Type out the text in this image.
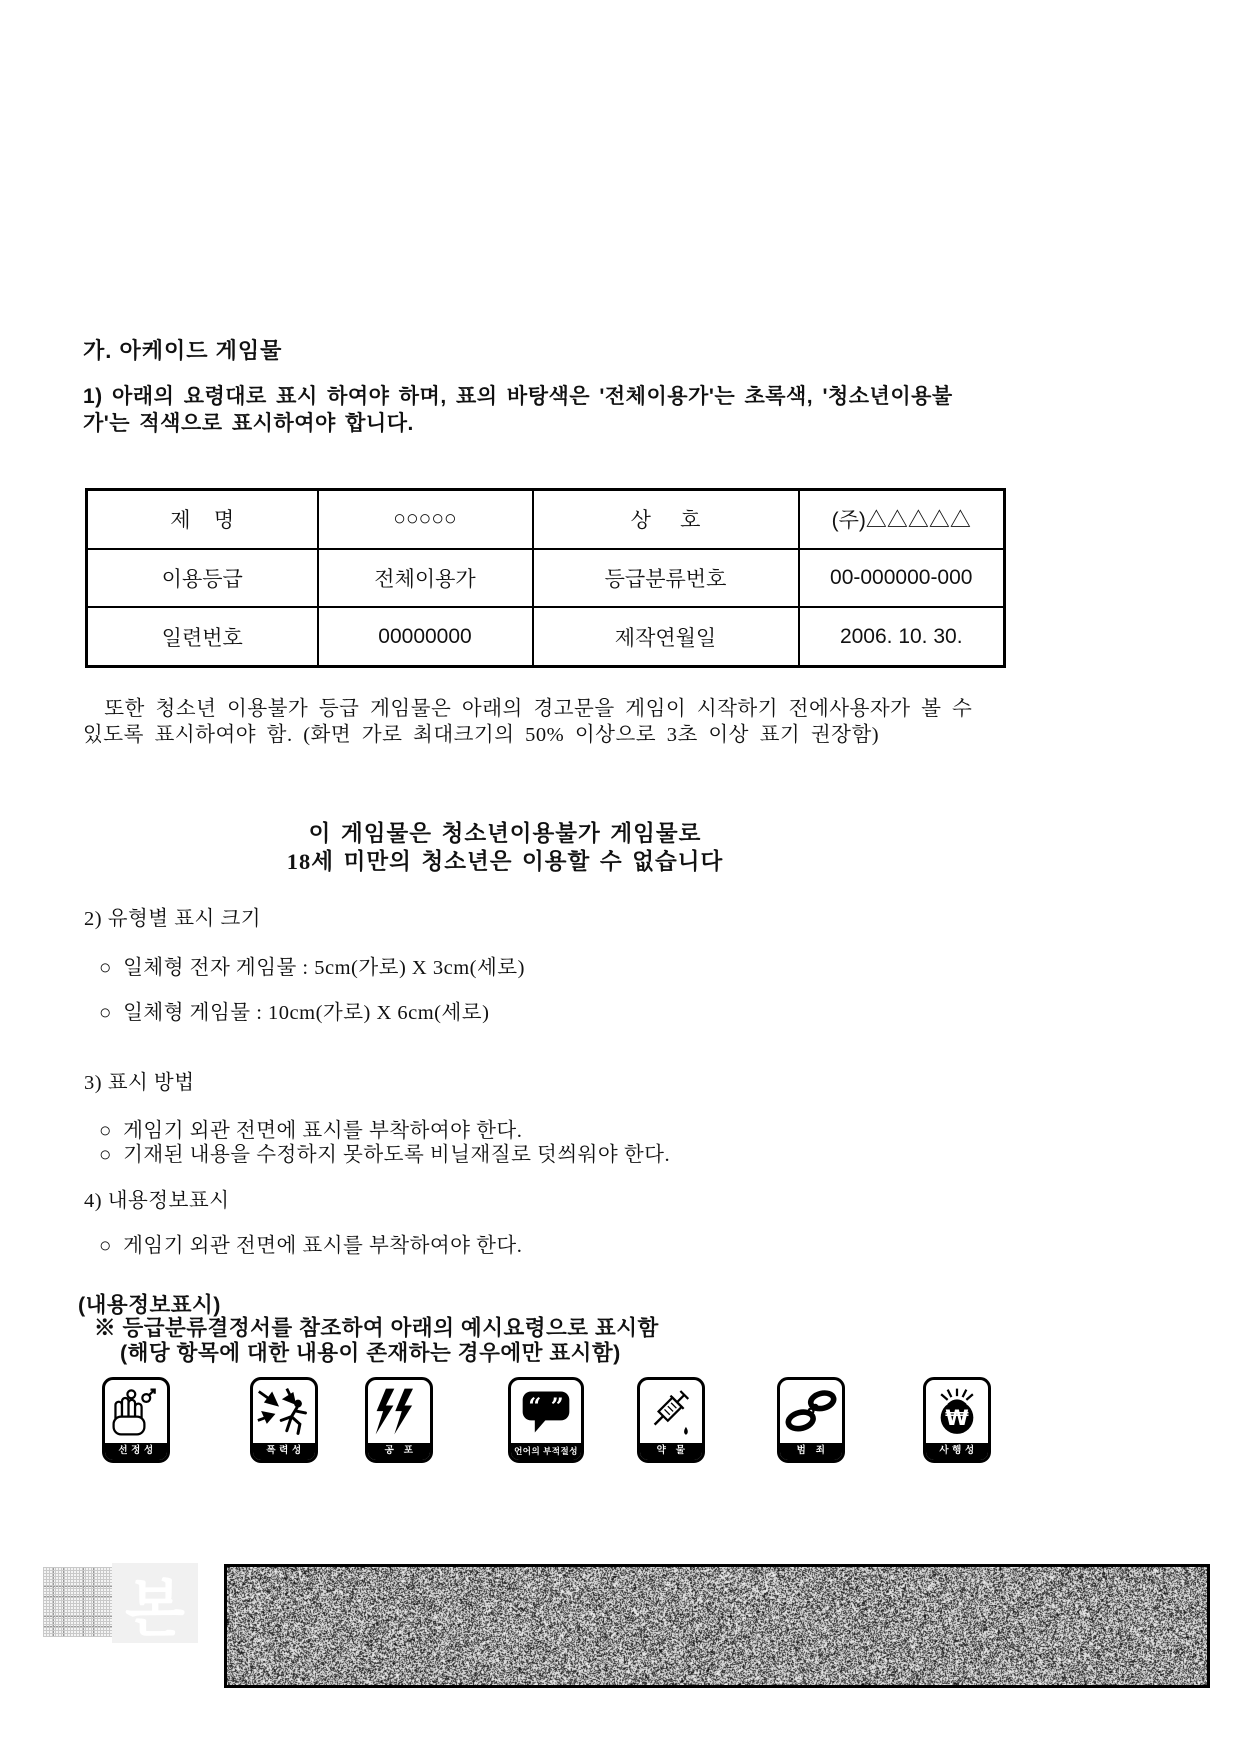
가. 아케이드 게임물
1) 아래의 요령대로 표시 하여야 하며, 표의 바탕색은 '전체이용가'는 초록색, '청소년이용불
가'는 적색으로 표시하여야 합니다.
제    명	○○○○○	상     호	(주)△△△△△
이용등급	전체이용가	등급분류번호	00-000000-000
일련번호	00000000	제작연월일	2006. 10. 30.
또한 청소년 이용불가 등급 게임물은 아래의 경고문을 게임이 시작하기 전에사용자가 볼 수
있도록 표시하여야 함. (화면 가로 최대크기의 50% 이상으로 3초 이상 표기 권장함)
이 게임물은 청소년이용불가 게임물로
18세 미만의 청소년은 이용할 수 없습니다
2) 유형별 표시 크기
○  일체형 전자 게임물 : 5cm(가로) X 3cm(세로)
○  일체형 게임물 : 10cm(가로) X 6cm(세로)
3) 표시 방법
○  게임기 외관 전면에 표시를 부착하여야 한다.
○  기재된 내용을 수정하지 못하도록 비닐재질로 덧씌워야 한다.
4) 내용정보표시
○  게임기 외관 전면에 표시를 부착하여야 한다.
(내용정보표시)
※ 등급분류결정서를 참조하여 아래의 예시요령으로 표시함
(해당 항목에 대한 내용이 존재하는 경우에만 표시함)
선 정 성	폭 력 성	공   포
“ ”
언어의 부적절성	약   물	범   죄
₩
사 행 성
본
